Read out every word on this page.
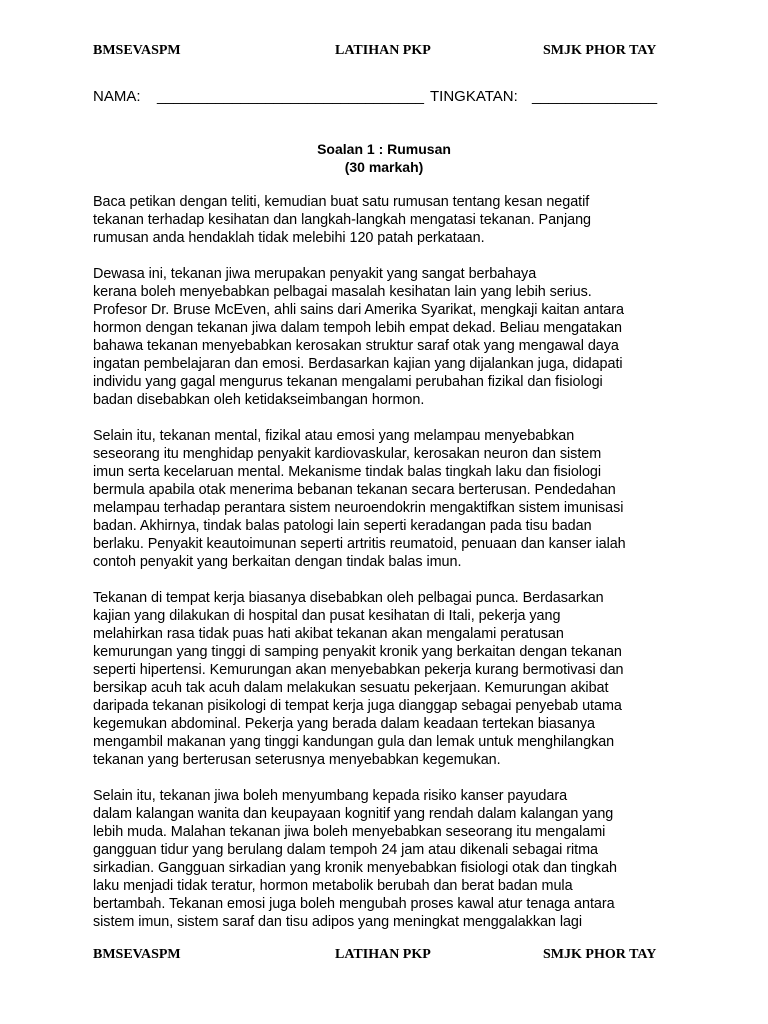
BMSEVASPM	LATIHAN PKP	SMJK PHOR TAY
NAMA: ________________________________ TINGKATAN: _______________
Soalan 1 : Rumusan
(30 markah)

Baca petikan dengan teliti, kemudian buat satu rumusan tentang kesan negatif
tekanan terhadap kesihatan dan langkah-langkah mengatasi tekanan. Panjang
rumusan anda hendaklah tidak melebihi 120 patah perkataan.

Dewasa ini, tekanan jiwa merupakan penyakit yang sangat berbahaya
kerana boleh menyebabkan pelbagai masalah kesihatan lain yang lebih serius.
Profesor Dr. Bruse McEven, ahli sains dari Amerika Syarikat, mengkaji kaitan antara
hormon dengan tekanan jiwa dalam tempoh lebih empat dekad. Beliau mengatakan
bahawa tekanan menyebabkan kerosakan struktur saraf otak yang mengawal daya
ingatan pembelajaran dan emosi. Berdasarkan kajian yang dijalankan juga, didapati
individu yang gagal mengurus tekanan mengalami perubahan fizikal dan fisiologi
badan disebabkan oleh ketidakseimbangan hormon.

Selain itu, tekanan mental, fizikal atau emosi yang melampau menyebabkan
seseorang itu menghidap penyakit kardiovaskular, kerosakan neuron dan sistem
imun serta kecelaruan mental. Mekanisme tindak balas tingkah laku dan fisiologi
bermula apabila otak menerima bebanan tekanan secara berterusan. Pendedahan
melampau terhadap perantara sistem neuroendokrin mengaktifkan sistem imunisasi
badan. Akhirnya, tindak balas patologi lain seperti keradangan pada tisu badan
berlaku. Penyakit keautoimunan seperti artritis reumatoid, penuaan dan kanser ialah
contoh penyakit yang berkaitan dengan tindak balas imun.

Tekanan di tempat kerja biasanya disebabkan oleh pelbagai punca. Berdasarkan
kajian yang dilakukan di hospital dan pusat kesihatan di Itali, pekerja yang
melahirkan rasa tidak puas hati akibat tekanan akan mengalami peratusan
kemurungan yang tinggi di samping penyakit kronik yang berkaitan dengan tekanan
seperti hipertensi. Kemurungan akan menyebabkan pekerja kurang bermotivasi dan
bersikap acuh tak acuh dalam melakukan sesuatu pekerjaan. Kemurungan akibat
daripada tekanan pisikologi di tempat kerja juga dianggap sebagai penyebab utama
kegemukan abdominal. Pekerja yang berada dalam keadaan tertekan biasanya
mengambil makanan yang tinggi kandungan gula dan lemak untuk menghilangkan
tekanan yang berterusan seterusnya menyebabkan kegemukan.

Selain itu, tekanan jiwa boleh menyumbang kepada risiko kanser payudara
dalam kalangan wanita dan keupayaan kognitif yang rendah dalam kalangan yang
lebih muda. Malahan tekanan jiwa boleh menyebabkan seseorang itu mengalami
gangguan tidur yang berulang dalam tempoh 24 jam atau dikenali sebagai ritma
sirkadian. Gangguan sirkadian yang kronik menyebabkan fisiologi otak dan tingkah
laku menjadi tidak teratur, hormon metabolik berubah dan berat badan mula
bertambah. Tekanan emosi juga boleh mengubah proses kawal atur tenaga antara
sistem imun, sistem saraf dan tisu adipos yang meningkat menggalakkan lagi

BMSEVASPM	LATIHAN PKP	SMJK PHOR TAY
